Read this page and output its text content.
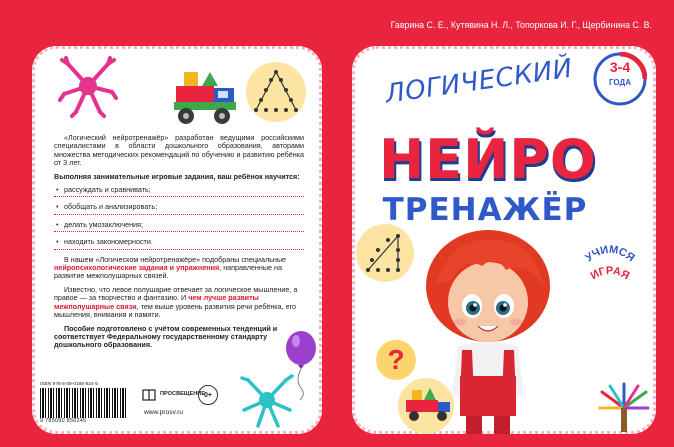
«Логический нейротренажёр» разработан ведущими российскими специалистами в области дошкольного образования, авторами множества методических рекомендаций по обучению и развитию ребёнка от 3 лет.

Выполняя занимательные игровые задания, ваш ребёнок научится:

• рассуждать и сравнивать;
• обобщать и анализировать;
• делать умозаключения;
• находить закономерности.

В нашем «Логическом нейротренажёре» подобраны специальные нейропсихологические задания и упражнения, направленные на развитие межполушарных связей.

Известно, что левое полушарие отвечает за логическое мышление, а правое — за творчество и фантазию. И чем лучше развиты межполушарные связи, тем выше уровень развития речи ребёнка, его мышления, внимания и памяти.

Пособие подготовлено с учётом современных тенденций и соответствует Федеральному государственному стандарту дошкольного образования.

ISBN 978-5-09-0185-624-5
9 785090 856245
ПРОСВЕЩЕНИЕ
www.prosv.ru
0+
?
Гаврина С. Е., Кутявина Н. Л., Топоркова И. Г., Щербинина С. В.
ЛОГИЧЕСКИЙ
НЕЙРО
ТРЕНАЖЁР
3-4
ГОДА
УЧИМСЯ
ИГРАЯ
